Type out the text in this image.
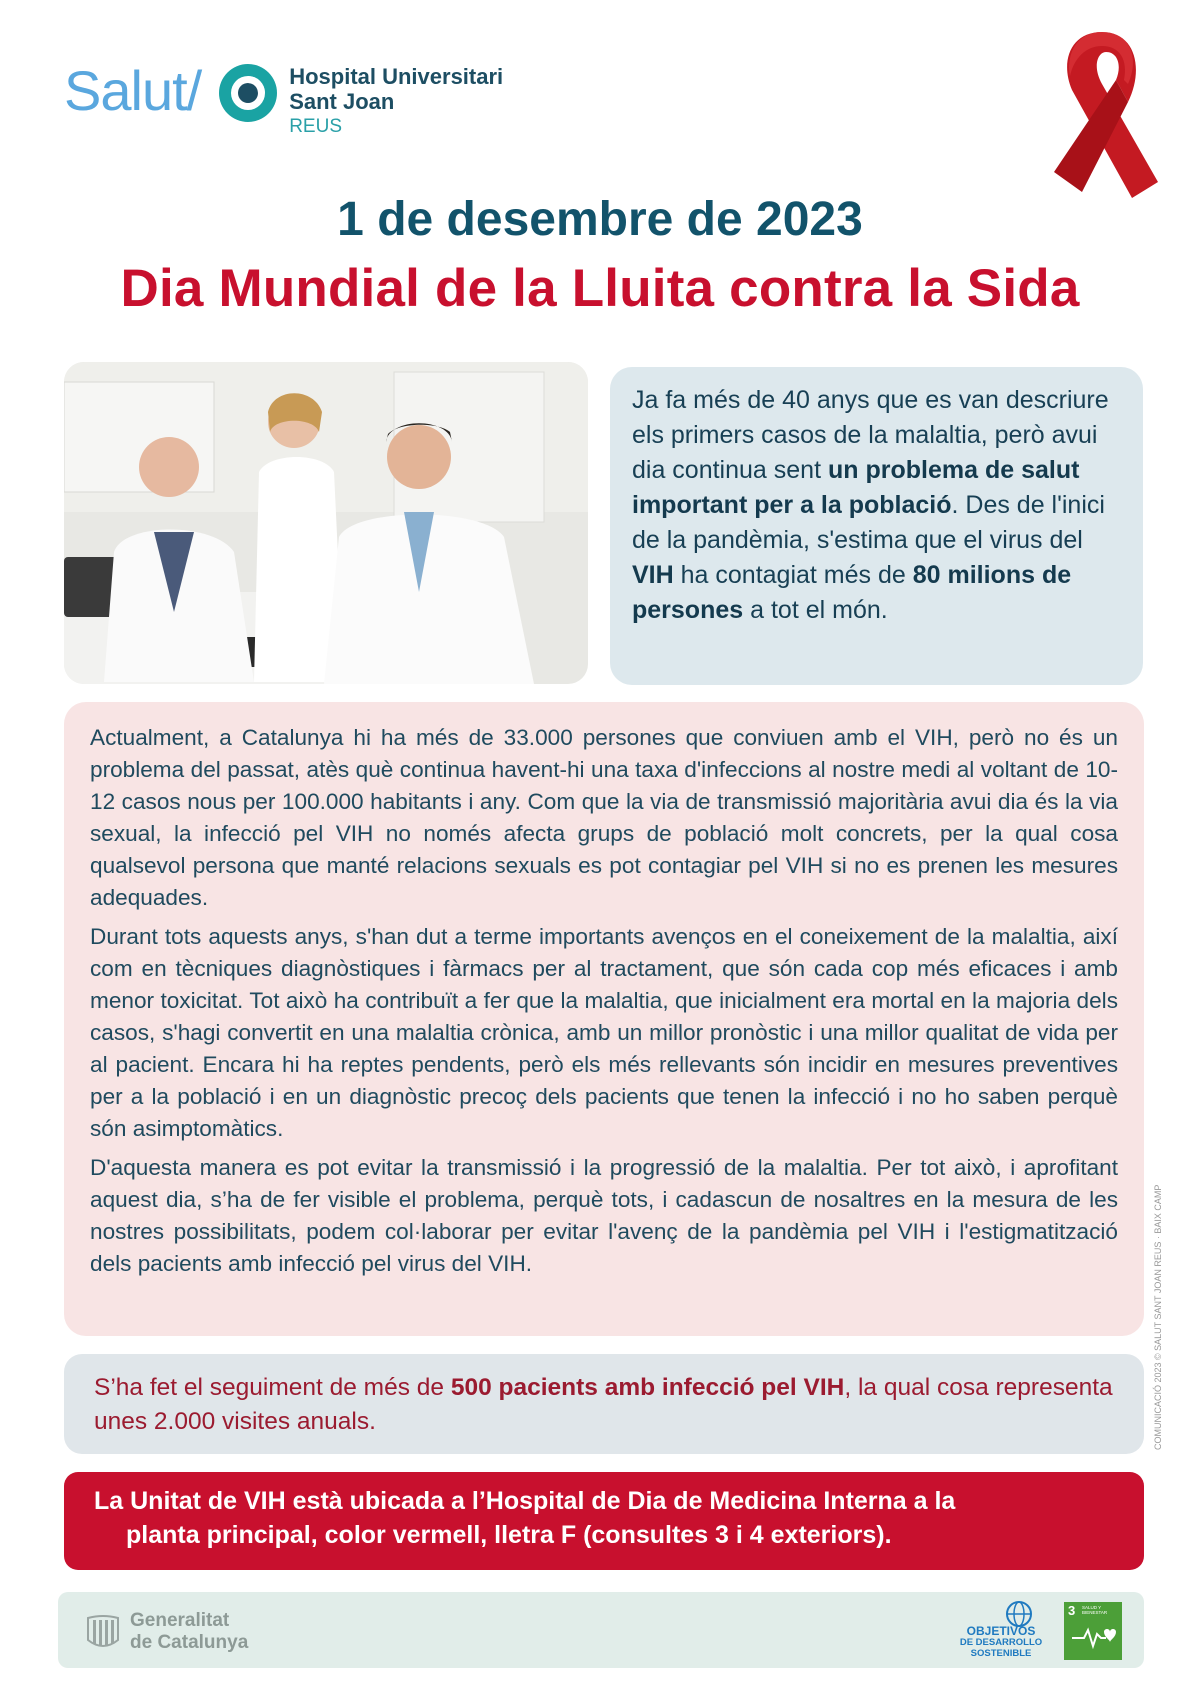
Salut/	Hospital Universitari
Sant Joan
REUS
1 de desembre de 2023
Dia Mundial de la Lluita contra la Sida
Ja fa més de 40 anys que es van descriure els primers casos de la malaltia, però avui dia continua sent un problema de salut important per a la població. Des de l'inici de la pandèmia, s'estima que el virus del VIH ha contagiat més de 80 milions de persones a tot el món.

Actualment, a Catalunya hi ha més de 33.000 persones que conviuen amb el VIH, però no és un problema del passat, atès què continua havent-hi una taxa d'infeccions al nostre medi al voltant de 10-12 casos nous per 100.000 habitants i any. Com que la via de transmissió majoritària avui dia és la via sexual, la infecció pel VIH no només afecta grups de població molt concrets, per la qual cosa qualsevol persona que manté relacions sexuals es pot contagiar pel VIH si no es prenen les mesures adequades.

Durant tots aquests anys, s'han dut a terme importants avenços en el coneixement de la malaltia, així com en tècniques diagnòstiques i fàrmacs per al tractament, que són cada cop més eficaces i amb menor toxicitat. Tot això ha contribuït a fer que la malaltia, que inicialment era mortal en la majoria dels casos, s'hagi convertit en una malaltia crònica, amb un millor pronòstic i una millor qualitat de vida per al pacient. Encara hi ha reptes pendents, però els més rellevants són incidir en mesures preventives per a la població i en un diagnòstic precoç dels pacients que tenen la infecció i no ho saben perquè són asimptomàtics.

D'aquesta manera es pot evitar la transmissió i la progressió de la malaltia. Per tot això, i aprofitant aquest dia, s’ha de fer visible el problema, perquè tots, i cadascun de nosaltres en la mesura de les nostres possibilitats, podem col·laborar per evitar l'avenç de la pandèmia pel VIH i l'estigmatització dels pacients amb infecció pel virus del VIH.

S’ha fet el seguiment de més de 500 pacients amb infecció pel VIH, la qual cosa representa unes 2.000 visites anuals.
La Unitat de VIH està ubicada a l’Hospital de Dia de Medicina Interna a la
planta principal, color vermell, lletra F (consultes 3 i 4 exteriors).
Generalitat
de Catalunya
OBJETIVOS
DE DESARROLLO
SOSTENIBLE
3 SALUD Y BIENESTAR
COMUNICACIÓ 2023 © SALUT SANT JOAN REUS · BAIX CAMP
